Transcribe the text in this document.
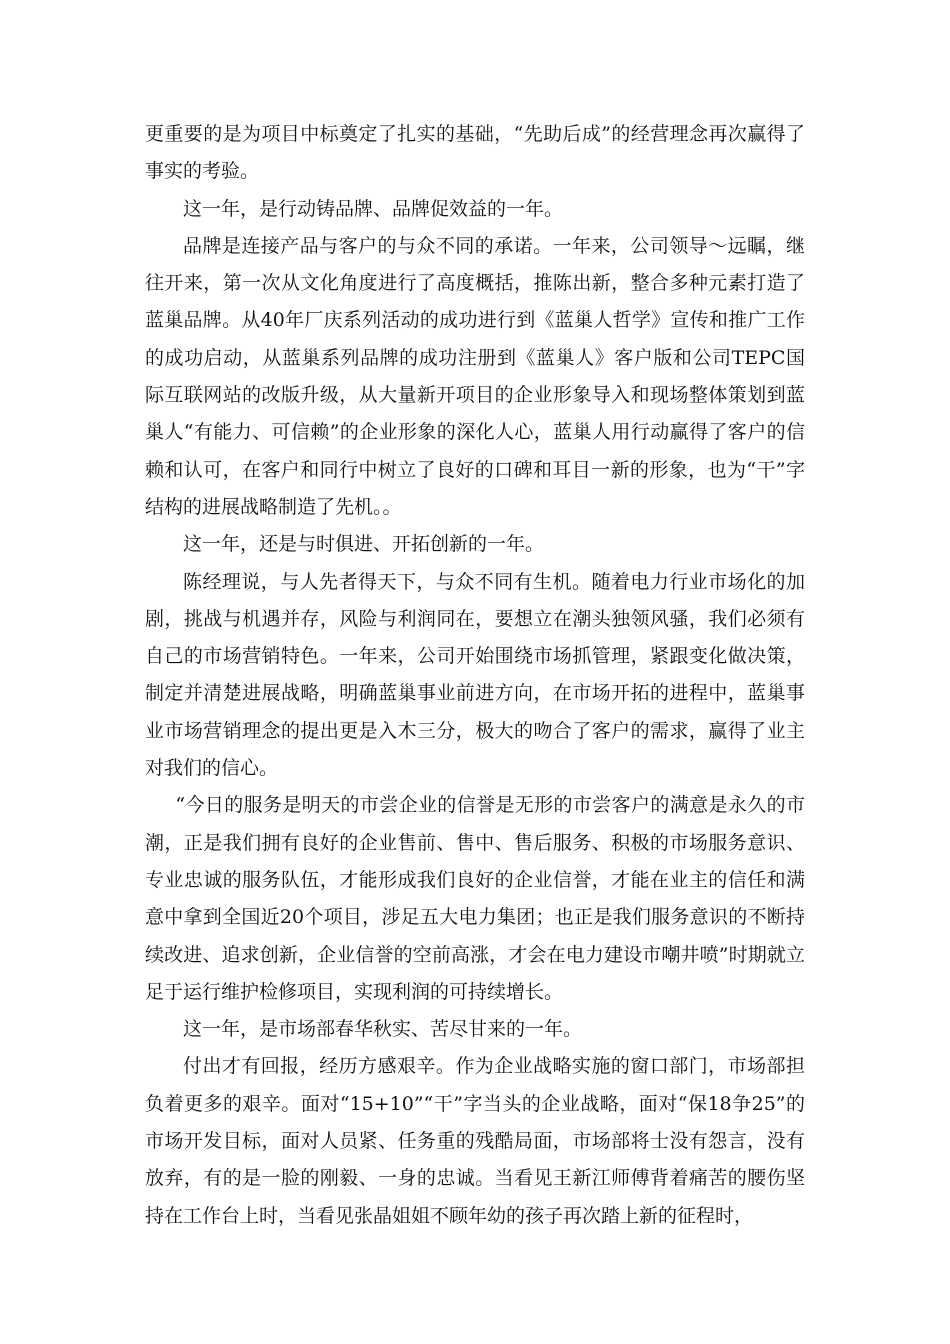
更重要的是为项目中标奠定了扎实的基础，“先助后成”的经营理念再次赢得了事实的考验。

这一年，是行动铸品牌、品牌促效益的一年。

品牌是连接产品与客户的与众不同的承诺。一年来，公司领导～远瞩，继往开来，第一次从文化角度进行了高度概括，推陈出新，整合多种元素打造了蓝巢品牌。从40年厂庆系列活动的成功进行到《蓝巢人哲学》宣传和推广工作的成功启动，从蓝巢系列品牌的成功注册到《蓝巢人》客户版和公司TEPC国际互联网站的改版升级，从大量新开项目的企业形象导入和现场整体策划到蓝巢人“有能力、可信赖”的企业形象的深化人心，蓝巢人用行动赢得了客户的信赖和认可，在客户和同行中树立了良好的口碑和耳目一新的形象，也为“干”字结构的进展战略制造了先机。。

这一年，还是与时俱进、开拓创新的一年。

陈经理说，与人先者得天下，与众不同有生机。随着电力行业市场化的加剧，挑战与机遇并存，风险与利润同在，要想立在潮头独领风骚，我们必须有自己的市场营销特色。一年来，公司开始围绕市场抓管理，紧跟变化做决策，制定并清楚进展战略，明确蓝巢事业前进方向，在市场开拓的进程中，蓝巢事业市场营销理念的提出更是入木三分，极大的吻合了客户的需求，赢得了业主对我们的信心。

“今日的服务是明天的市尝企业的信誉是无形的市尝客户的满意是永久的市潮，正是我们拥有良好的企业售前、售中、售后服务、积极的市场服务意识、专业忠诚的服务队伍，才能形成我们良好的企业信誉，才能在业主的信任和满意中拿到全国近20个项目，涉足五大电力集团；也正是我们服务意识的不断持续改进、追求创新，企业信誉的空前高涨，才会在电力建设市嘲井喷”时期就立足于运行维护检修项目，实现利润的可持续增长。

这一年，是市场部春华秋实、苦尽甘来的一年。

付出才有回报，经历方感艰辛。作为企业战略实施的窗口部门，市场部担负着更多的艰辛。面对“15+10”“干”字当头的企业战略，面对“保18争25”的市场开发目标，面对人员紧、任务重的残酷局面，市场部将士没有怨言，没有放弃，有的是一脸的刚毅、一身的忠诚。当看见王新江师傅背着痛苦的腰伤坚持在工作台上时，当看见张晶姐姐不顾年幼的孩子再次踏上新的征程时，
